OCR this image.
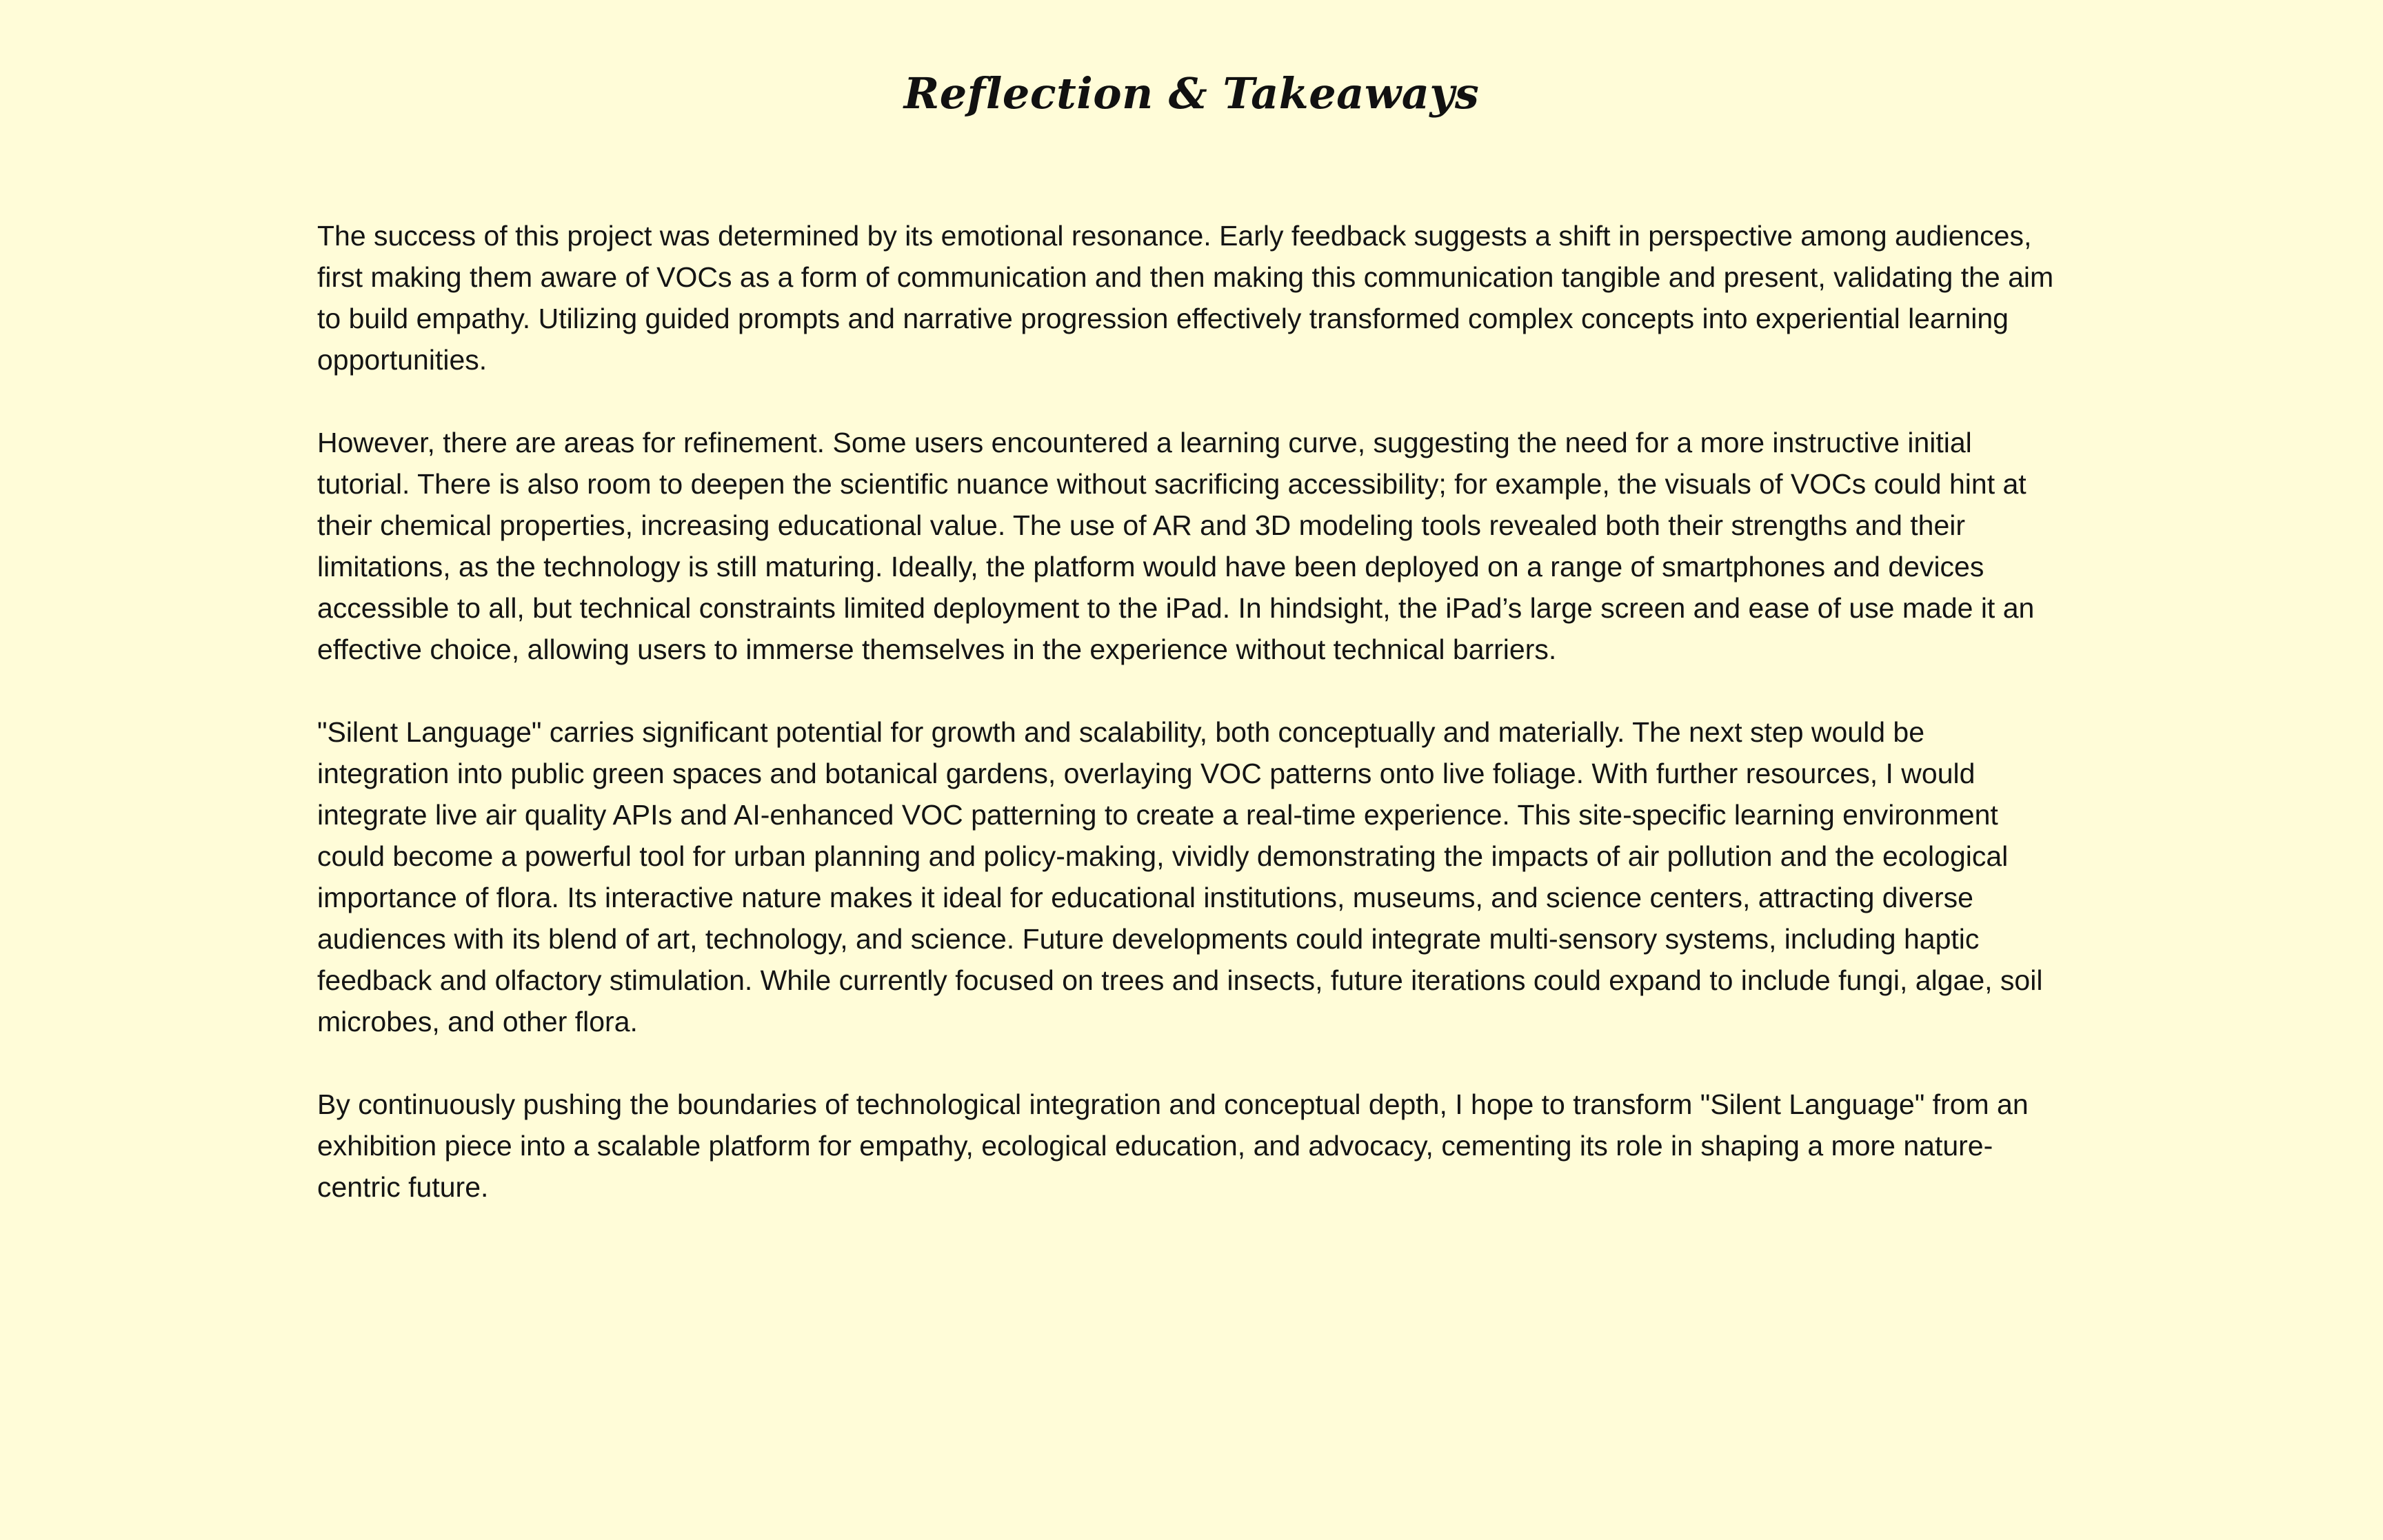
Reflection & Takeaways

The success of this project was determined by its emotional resonance. Early feedback suggests a shift in perspective among audiences, first making them aware of VOCs as a form of communication and then making this communication tangible and present, validating the aim to build empathy. Utilizing guided prompts and narrative progression effectively transformed complex concepts into experiential learning opportunities.

However, there are areas for refinement. Some users encountered a learning curve, suggesting the need for a more instructive initial tutorial. There is also room to deepen the scientific nuance without sacrificing accessibility; for example, the visuals of VOCs could hint at their chemical properties, increasing educational value. The use of AR and 3D modeling tools revealed both their strengths and their limitations, as the technology is still maturing. Ideally, the platform would have been deployed on a range of smartphones and devices accessible to all, but technical constraints limited deployment to the iPad. In hindsight, the iPad’s large screen and ease of use made it an effective choice, allowing users to immerse themselves in the experience without technical barriers.

"Silent Language" carries significant potential for growth and scalability, both conceptually and materially. The next step would be integration into public green spaces and botanical gardens, overlaying VOC patterns onto live foliage. With further resources, I would integrate live air quality APIs and AI-enhanced VOC patterning to create a real-time experience. This site-specific learning environment could become a powerful tool for urban planning and policy-making, vividly demonstrating the impacts of air pollution and the ecological importance of flora. Its interactive nature makes it ideal for educational institutions, museums, and science centers, attracting diverse audiences with its blend of art, technology, and science. Future developments could integrate multi-sensory systems, including haptic feedback and olfactory stimulation. While currently focused on trees and insects, future iterations could expand to include fungi, algae, soil microbes, and other flora.

By continuously pushing the boundaries of technological integration and conceptual depth, I hope to transform "Silent Language" from an exhibition piece into a scalable platform for empathy, ecological education, and advocacy, cementing its role in shaping a more nature-centric future.
